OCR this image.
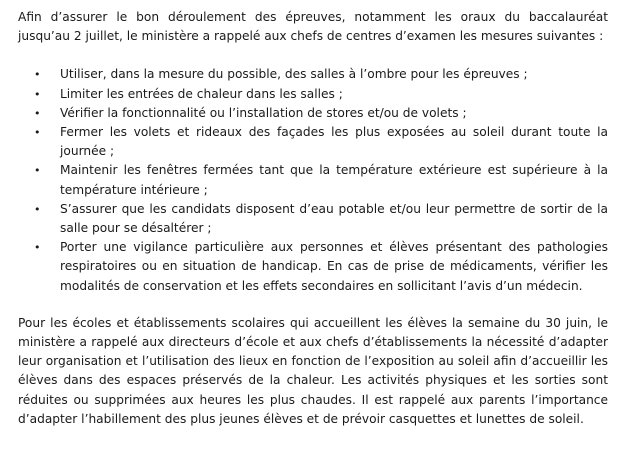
Afin d’assurer le bon déroulement des épreuves, notamment les oraux du baccalauréat jusqu’au 2 juillet, le ministère a rappelé aux chefs de centres d’examen les mesures suivantes :

• Utiliser, dans la mesure du possible, des salles à l’ombre pour les épreuves ;
• Limiter les entrées de chaleur dans les salles ;
• Vérifier la fonctionnalité ou l’installation de stores et/ou de volets ;
• Fermer les volets et rideaux des façades les plus exposées au soleil durant toute la journée ;
• Maintenir les fenêtres fermées tant que la température extérieure est supérieure à la température intérieure ;
• S’assurer que les candidats disposent d’eau potable et/ou leur permettre de sortir de la salle pour se désaltérer ;
• Porter une vigilance particulière aux personnes et élèves présentant des pathologies respiratoires ou en situation de handicap. En cas de prise de médicaments, vérifier les modalités de conservation et les effets secondaires en sollicitant l’avis d’un médecin.

Pour les écoles et établissements scolaires qui accueillent les élèves la semaine du 30 juin, le ministère a rappelé aux directeurs d’école et aux chefs d’établissements la nécessité d’adapter leur organisation et l’utilisation des lieux en fonction de l’exposition au soleil afin d’accueillir les élèves dans des espaces préservés de la chaleur. Les activités physiques et les sorties sont réduites ou supprimées aux heures les plus chaudes. Il est rappelé aux parents l’importance d’adapter l’habillement des plus jeunes élèves et de prévoir casquettes et lunettes de soleil.
